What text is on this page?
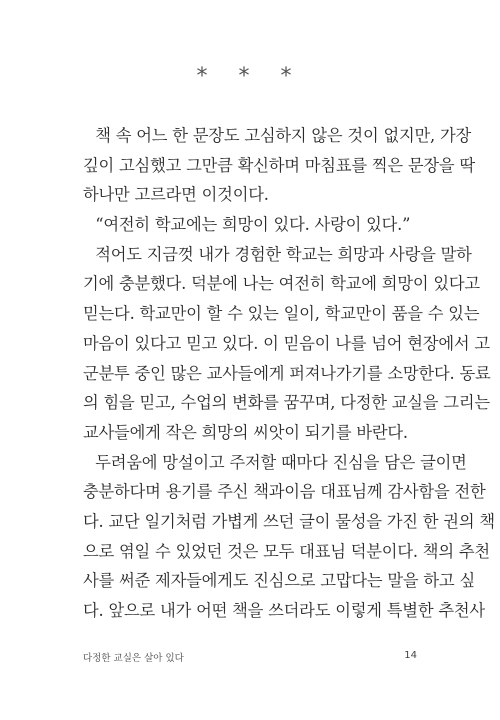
* * *
책 속 어느 한 문장도 고심하지 않은 것이 없지만, 가장
깊이 고심했고 그만큼 확신하며 마침표를 찍은 문장을 딱
하나만 고르라면 이것이다.
“여전히 학교에는 희망이 있다. 사랑이 있다.”
적어도 지금껏 내가 경험한 학교는 희망과 사랑을 말하
기에 충분했다. 덕분에 나는 여전히 학교에 희망이 있다고
믿는다. 학교만이 할 수 있는 일이, 학교만이 품을 수 있는
마음이 있다고 믿고 있다. 이 믿음이 나를 넘어 현장에서 고
군분투 중인 많은 교사들에게 퍼져나가기를 소망한다. 동료
의 힘을 믿고, 수업의 변화를 꿈꾸며, 다정한 교실을 그리는
교사들에게 작은 희망의 씨앗이 되기를 바란다.
두려움에 망설이고 주저할 때마다 진심을 담은 글이면
충분하다며 용기를 주신 책과이음 대표님께 감사함을 전한
다. 교단 일기처럼 가볍게 쓰던 글이 물성을 가진 한 권의 책
으로 엮일 수 있었던 것은 모두 대표님 덕분이다. 책의 추천
사를 써준 제자들에게도 진심으로 고맙다는 말을 하고 싶
다. 앞으로 내가 어떤 책을 쓰더라도 이렇게 특별한 추천사
다정한 교실은 살아 있다	14
